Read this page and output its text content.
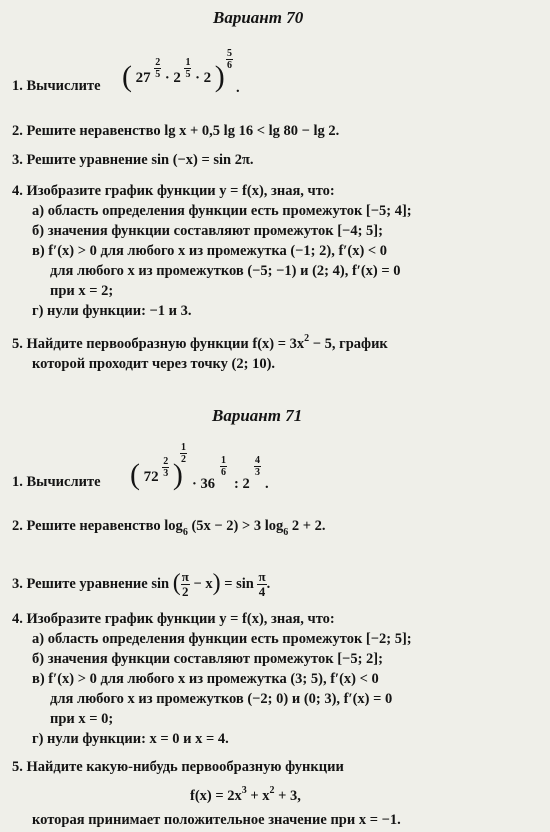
Вариант 70
1. Вычислите ( $27 \frac{2}{5} \cdot 2 \frac{1}{5} \cdot 2$ )
$\frac{5}{6}$
.
2. Решите неравенство lg x + 0,5 lg 16 < lg 80 − lg 2.
3. Решите уравнение sin (−x) = sin 2π.
4. Изобразите график функции y = f(x), зная, что:
а) область определения функции есть промежуток [−5; 4];
б) значения функции составляют промежуток [−4; 5];
в) f′(x) > 0 для любого x из промежутка (−1; 2), f′(x) < 0
для любого x из промежутков (−5; −1) и (2; 4), f′(x) = 0
при x = 2;
г) нули функции: −1 и 3.
5. Найдите первообразную функции $f(x) = 3x^2 - 5$, график
которой проходит через точку (2; 10).
Вариант 71
1. Вычислите ( $72 \frac{2}{3}$ )
$\frac{1}{2}$
· 36
$\frac{1}{6}$
: 2
$\frac{4}{3}$
.
2. Решите неравенство $\log_6 (5x - 2) > 3$ $\log_6 2 + 2$.
3. Решите уравнение sin ( $\frac{\pi}{2} - x) = \sin \frac{\pi}{4}$ .
4. Изобразите график функции y = f(x), зная, что:
а) область определения функции есть промежуток [−2; 5];
б) значения функции составляют промежуток [−5; 2];
в) f′(x) > 0 для любого x из промежутка (3; 5), f′(x) < 0
для любого x из промежутков (−2; 0) и (0; 3), f′(x) = 0
при x = 0;
г) нули функции: x = 0 и x = 4.
5. Найдите какую-нибудь первообразную функции
$f(x) = 2x^3 + x^2 + 3$,
которая принимает положительное значение при x = −1.
